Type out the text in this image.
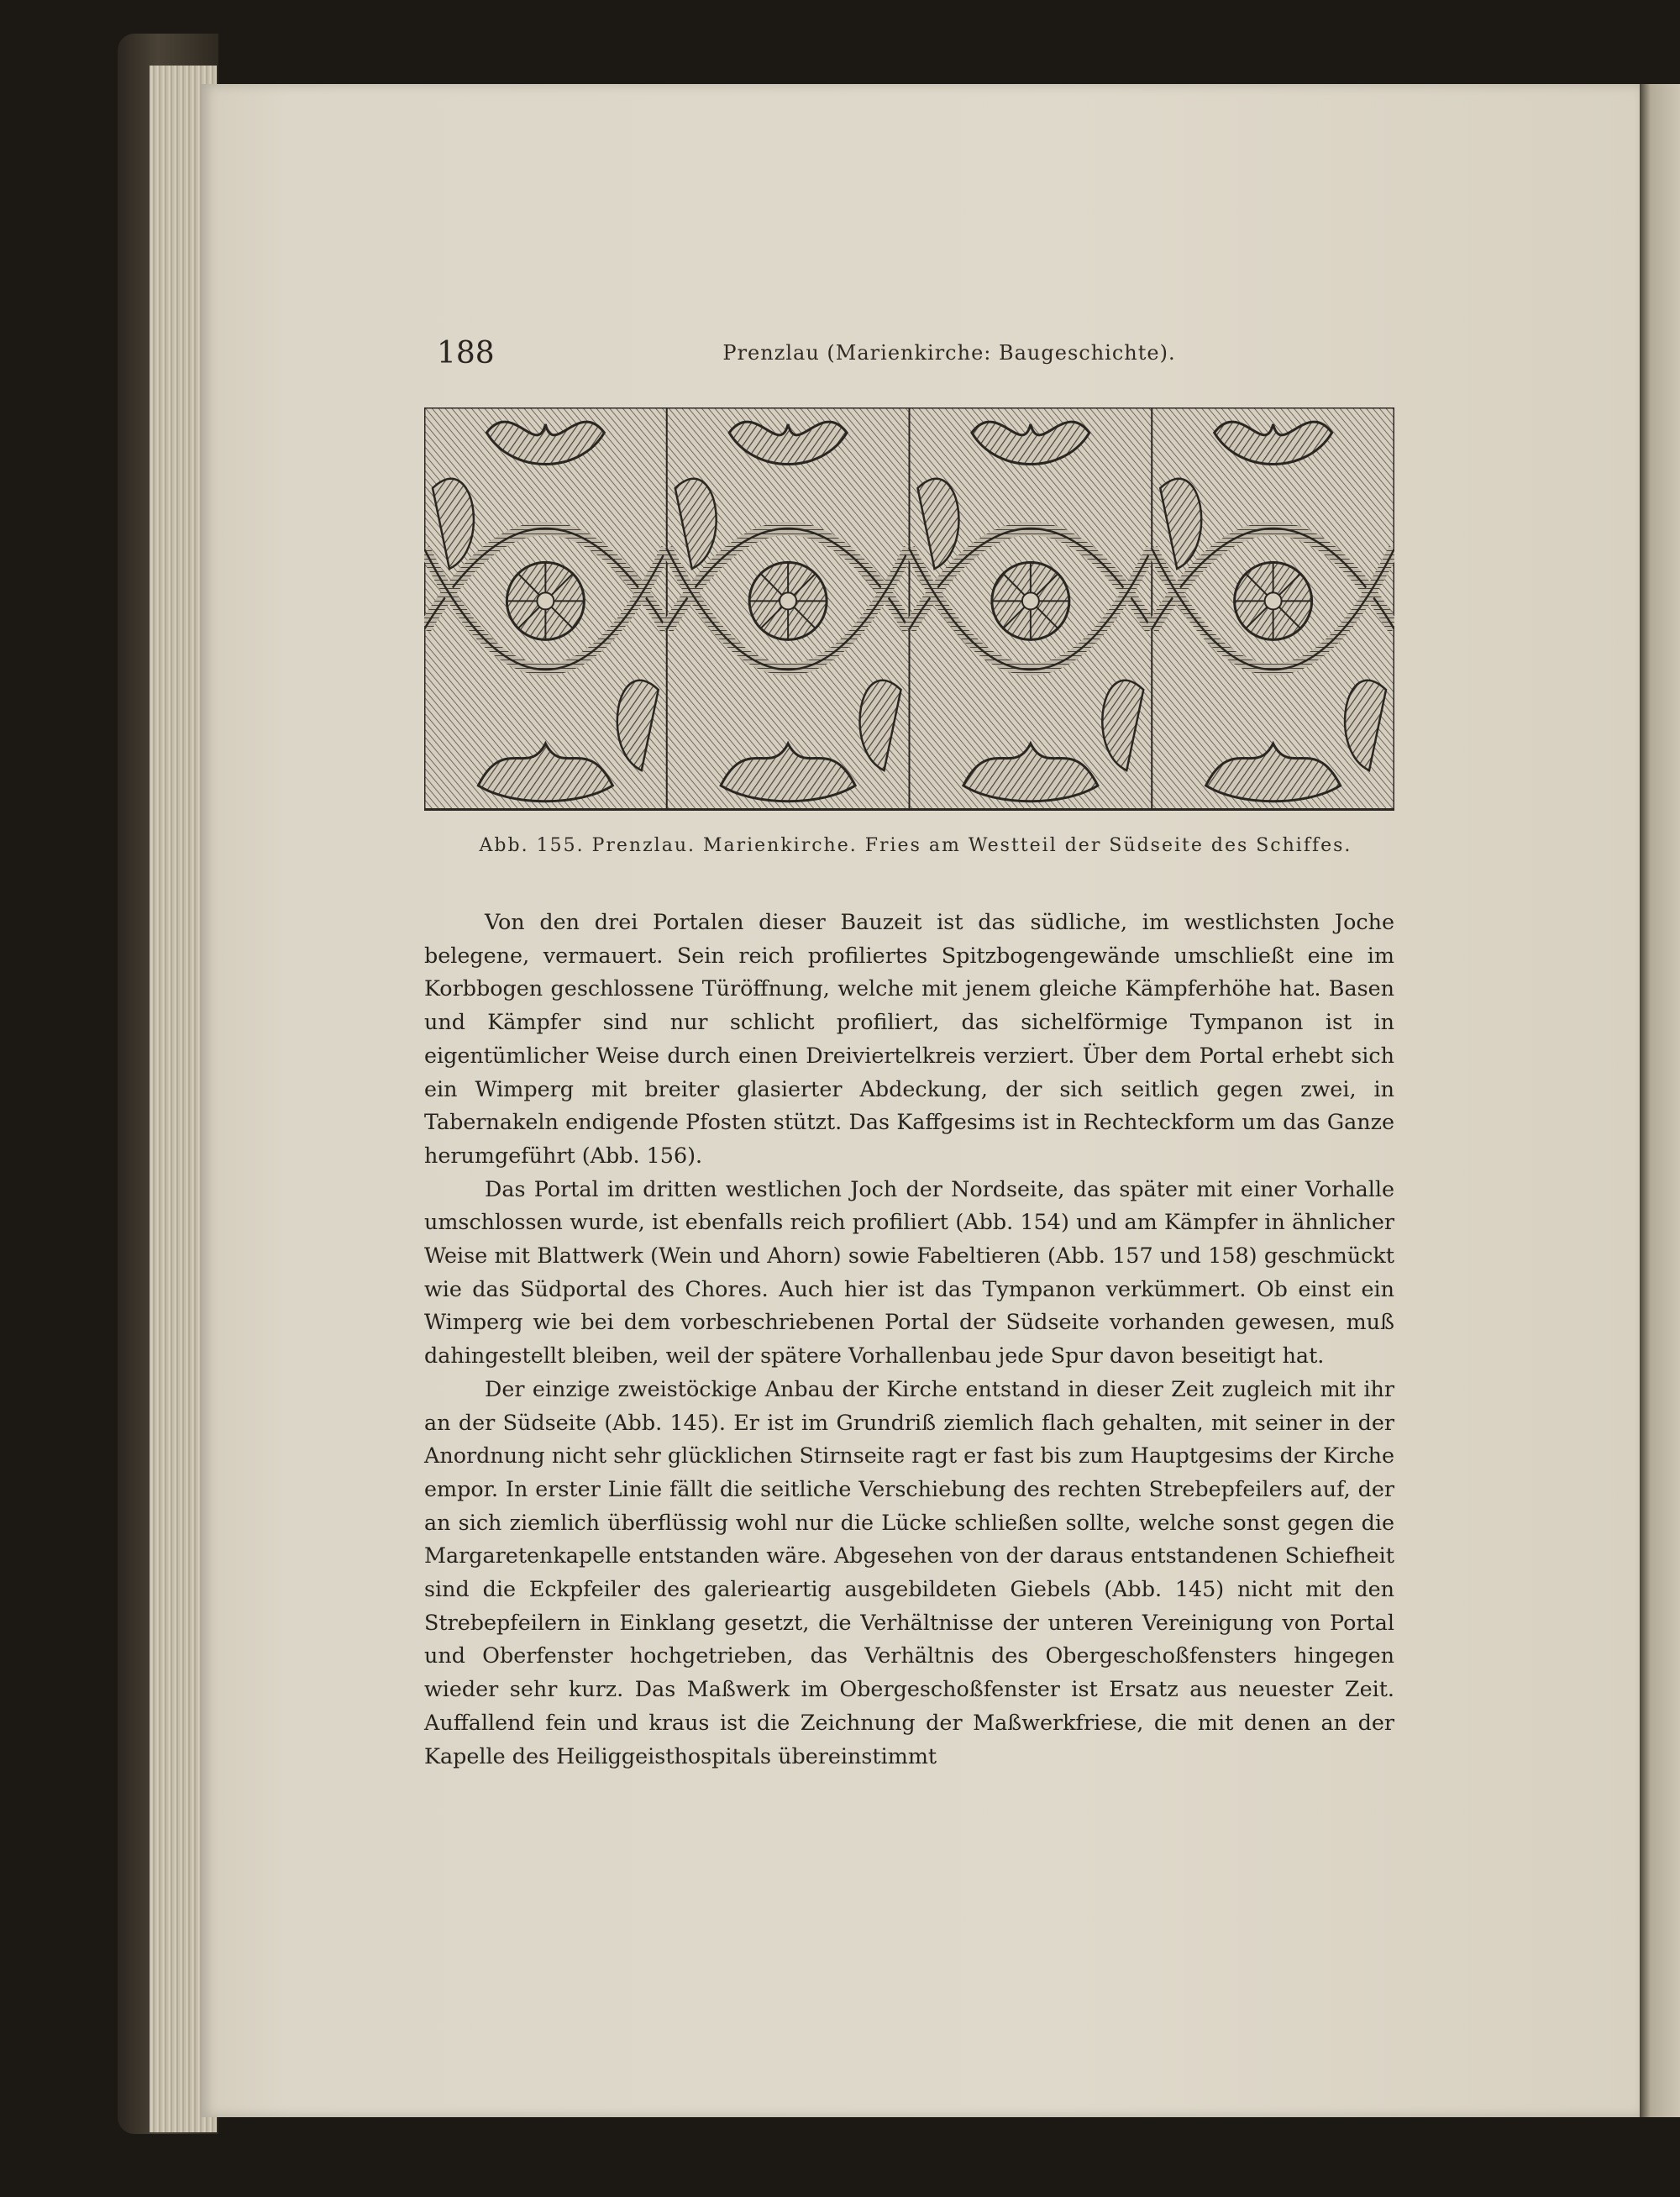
188	Prenzlau (Marienkirche: Baugeschichte).
Abb. 155. Prenzlau. Marienkirche. Fries am Westteil der Südseite des Schiffes.

Von den drei Portalen dieser Bauzeit ist das südliche, im westlichsten Joche belegene, vermauert. Sein reich profiliertes Spitzbogengewände umschließt eine im Korbbogen geschlossene Türöffnung, welche mit jenem gleiche Kämpferhöhe hat. Basen und Kämpfer sind nur schlicht profiliert, das sichelförmige Tympanon ist in eigentümlicher Weise durch einen Dreiviertelkreis verziert. Über dem Portal erhebt sich ein Wimperg mit breiter glasierter Abdeckung, der sich seitlich gegen zwei, in Tabernakeln endigende Pfosten stützt. Das Kaffgesims ist in Rechteckform um das Ganze herumgeführt (Abb. 156).

Das Portal im dritten westlichen Joch der Nordseite, das später mit einer Vorhalle umschlossen wurde, ist ebenfalls reich profiliert (Abb. 154) und am Kämpfer in ähnlicher Weise mit Blattwerk (Wein und Ahorn) sowie Fabeltieren (Abb. 157 und 158) geschmückt wie das Südportal des Chores. Auch hier ist das Tympanon verkümmert. Ob einst ein Wimperg wie bei dem vorbeschriebenen Portal der Südseite vorhanden gewesen, muß dahingestellt bleiben, weil der spätere Vorhallenbau jede Spur davon beseitigt hat.

Der einzige zweistöckige Anbau der Kirche entstand in dieser Zeit zugleich mit ihr an der Südseite (Abb. 145). Er ist im Grundriß ziemlich flach gehalten, mit seiner in der Anordnung nicht sehr glücklichen Stirnseite ragt er fast bis zum Hauptgesims der Kirche empor. In erster Linie fällt die seitliche Verschiebung des rechten Strebepfeilers auf, der an sich ziemlich überflüssig wohl nur die Lücke schließen sollte, welche sonst gegen die Margaretenkapelle entstanden wäre. Abgesehen von der daraus entstandenen Schiefheit sind die Eckpfeiler des galerieartig ausgebildeten Giebels (Abb. 145) nicht mit den Strebepfeilern in Einklang gesetzt, die Verhältnisse der unteren Vereinigung von Portal und Oberfenster hochgetrieben, das Verhältnis des Obergeschoßfensters hingegen wieder sehr kurz. Das Maßwerk im Obergeschoßfenster ist Ersatz aus neuester Zeit. Auffallend fein und kraus ist die Zeichnung der Maßwerkfriese, die mit denen an der Kapelle des Heiliggeisthospitals übereinstimmt
